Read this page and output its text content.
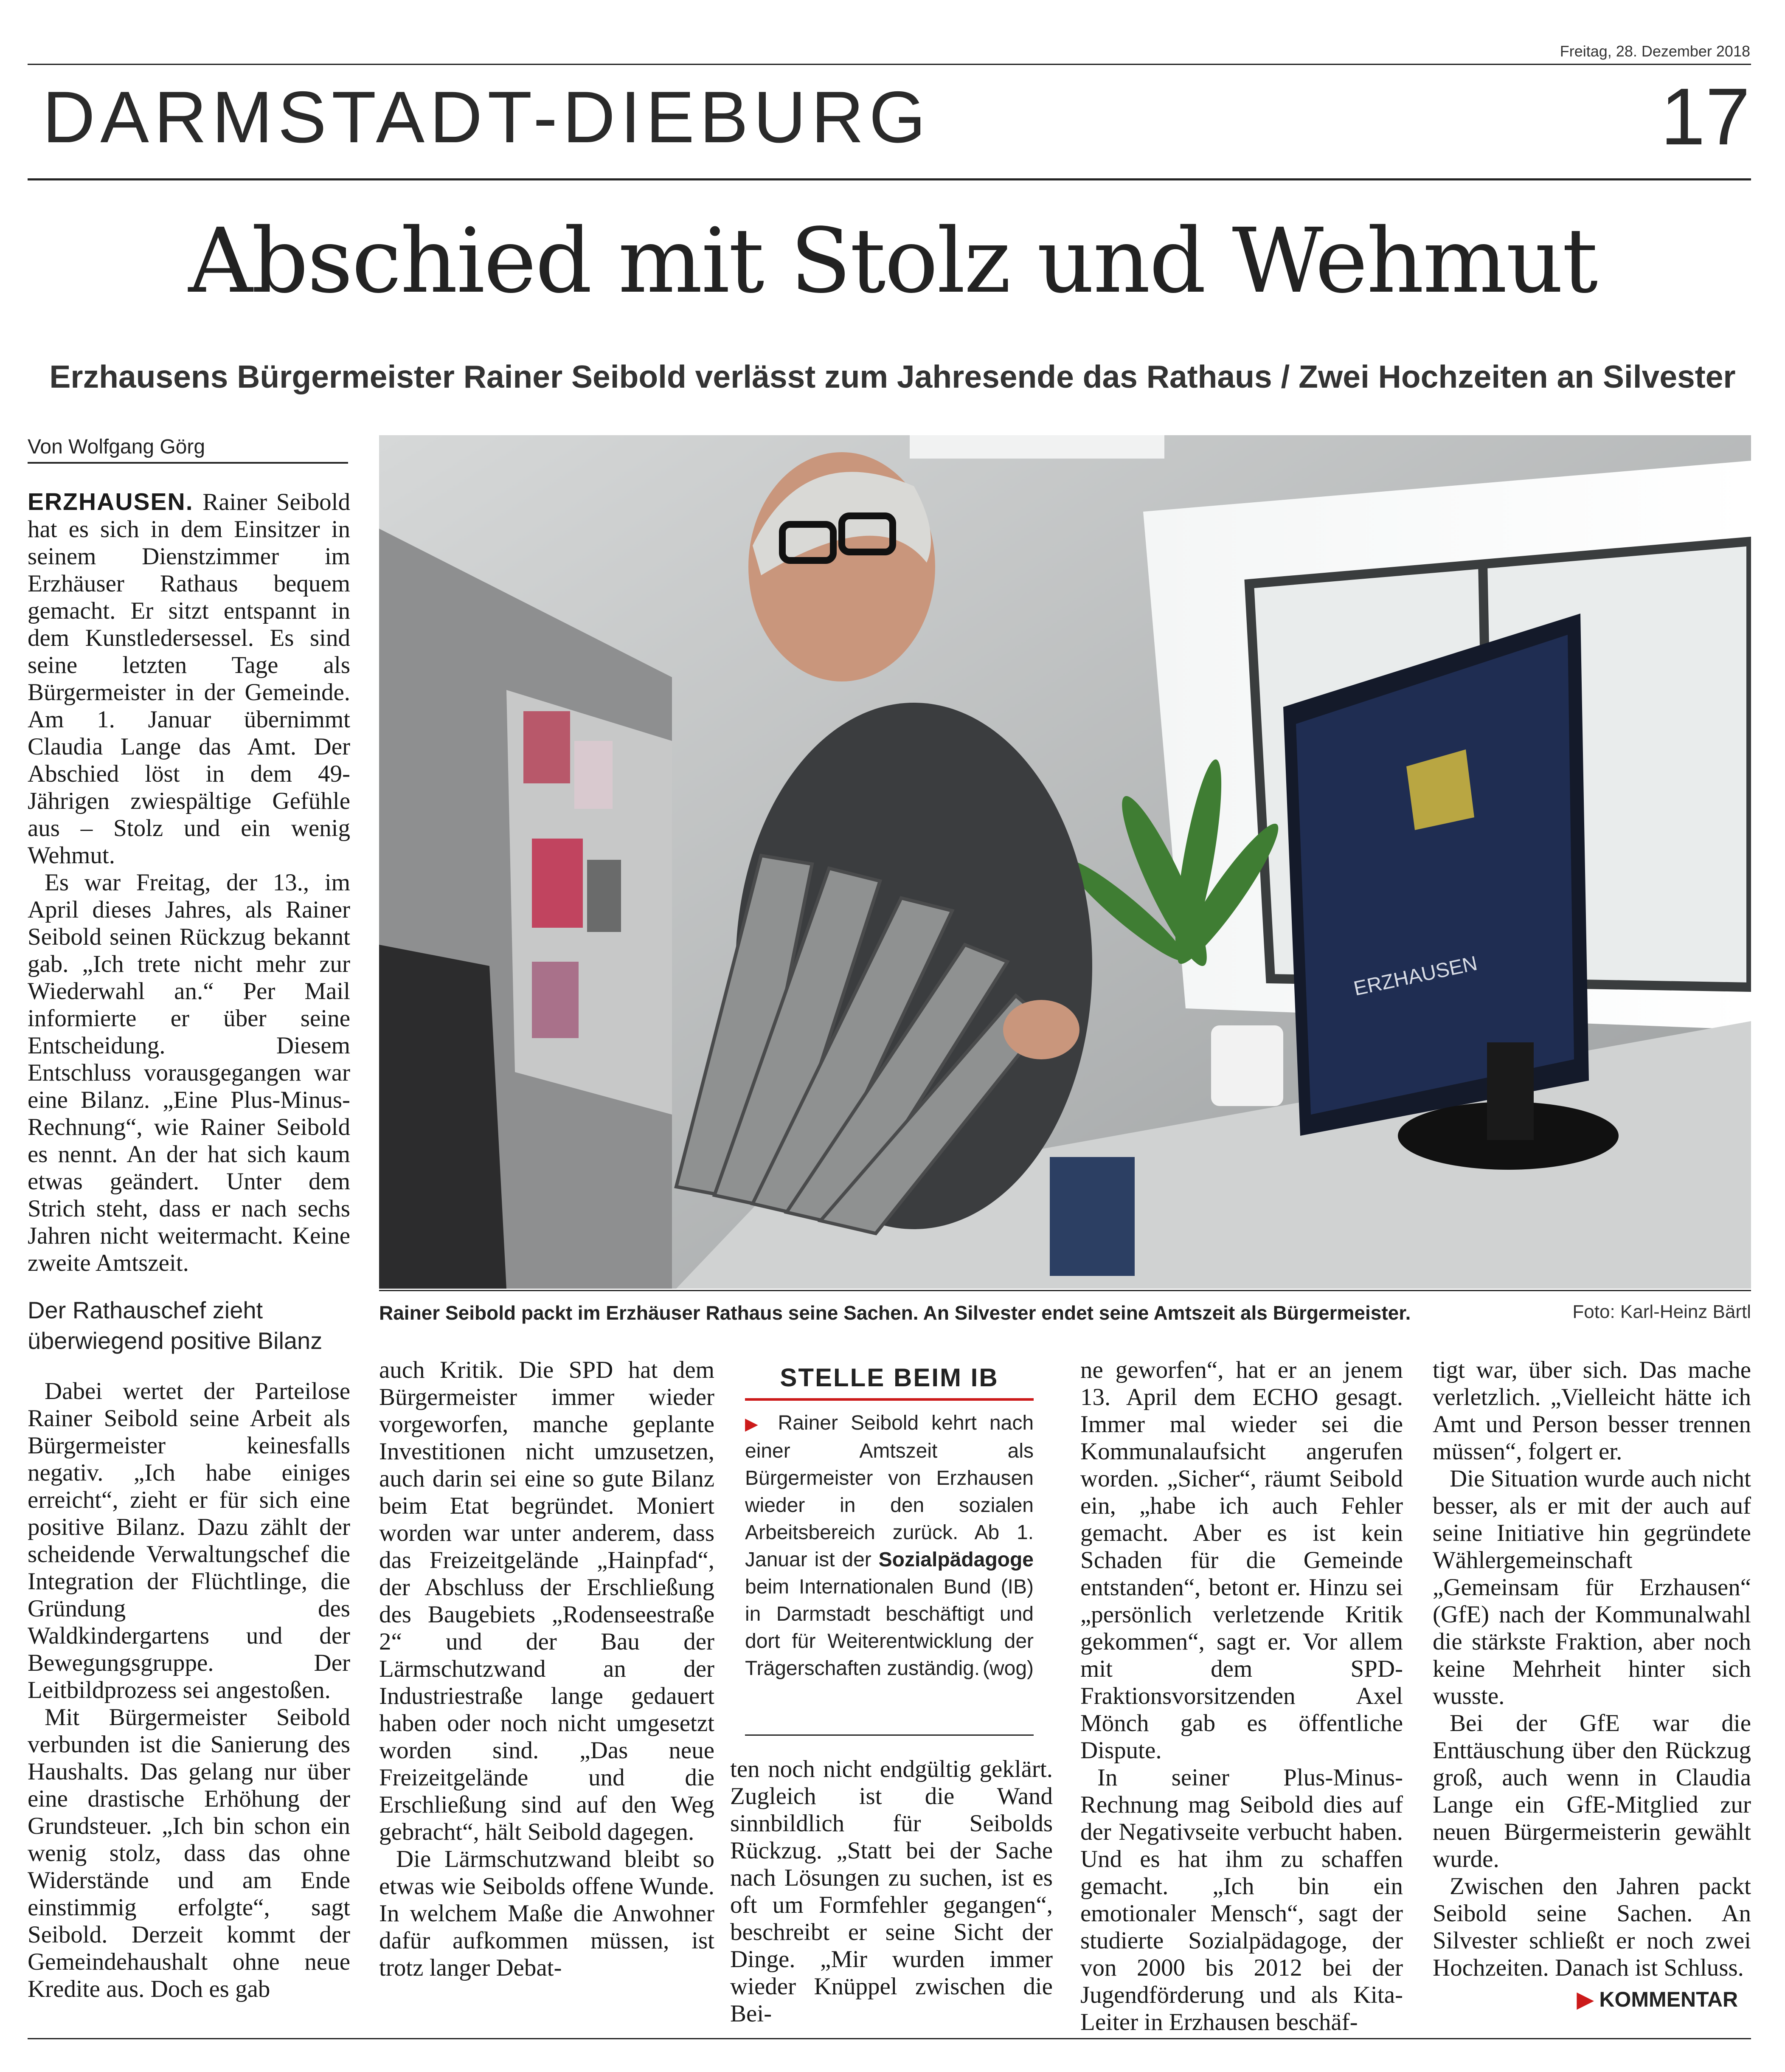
Freitag, 28. Dezember 2018
DARMSTADT-DIEBURG	17
Abschied mit Stolz und Wehmut
Erzhausens Bürgermeister Rainer Seibold verlässt zum Jahresende das Rathaus / Zwei Hochzeiten an Silvester
Von Wolfgang Görg

ERZHAUSEN. Rainer Seibold hat es sich in dem Einsitzer in seinem Dienstzimmer im Erzhäuser Rathaus bequem gemacht. Er sitzt entspannt in dem Kunstledersessel. Es sind seine letzten Tage als Bürgermeister in der Gemeinde. Am 1. Januar übernimmt Claudia Lange das Amt. Der Abschied löst in dem 49-Jährigen zwiespältige Gefühle aus – Stolz und ein wenig Wehmut.

Es war Freitag, der 13., im April dieses Jahres, als Rainer Seibold seinen Rückzug bekannt gab. „Ich trete nicht mehr zur Wiederwahl an.“ Per Mail informierte er über seine Entscheidung. Diesem Entschluss vorausgegangen war eine Bilanz. „Eine Plus-Minus-Rechnung“, wie Rainer Seibold es nennt. An der hat sich kaum etwas geändert. Unter dem Strich steht, dass er nach sechs Jahren nicht weitermacht. Keine zweite Amtszeit.

Der Rathauschef zieht überwiegend positive Bilanz

Dabei wertet der Parteilose Rainer Seibold seine Arbeit als Bürgermeister keinesfalls negativ. „Ich habe einiges erreicht“, zieht er für sich eine positive Bilanz. Dazu zählt der scheidende Verwaltungschef die Integration der Flüchtlinge, die Gründung des Waldkindergartens und der Bewegungsgruppe. Der Leitbildprozess sei angestoßen.

Mit Bürgermeister Seibold verbunden ist die Sanierung des Haushalts. Das gelang nur über eine drastische Erhöhung der Grundsteuer. „Ich bin schon ein wenig stolz, dass das ohne Widerstände und am Ende einstimmig erfolgte“, sagt Seibold. Derzeit kommt der Gemeindehaushalt ohne neue Kredite aus. Doch es gab

ERZHAUSEN
Rainer Seibold packt im Erzhäuser Rathaus seine Sachen. An Silvester endet seine Amtszeit als Bürgermeister.	Foto: Karl-Heinz Bärtl

auch Kritik. Die SPD hat dem Bürgermeister immer wieder vorgeworfen, manche geplante Investitionen nicht umzusetzen, auch darin sei eine so gute Bilanz beim Etat begründet. Moniert worden war unter anderem, dass das Freizeitgelände „Hainpfad“, der Abschluss der Erschließung des Baugebiets „Rodenseestraße 2“ und der Bau der Lärmschutzwand an der Industriestraße lange gedauert haben oder noch nicht umgesetzt worden sind. „Das neue Freizeitgelände und die Erschließung sind auf den Weg gebracht“, hält Seibold dagegen.

Die Lärmschutzwand bleibt so etwas wie Seibolds offene Wunde. In welchem Maße die Anwohner dafür aufkommen müssen, ist trotz langer Debat-

STELLE BEIM IB
▶ Rainer Seibold kehrt nach einer Amtszeit als Bürgermeister von Erzhausen wieder in den sozialen Arbeitsbereich zurück. Ab 1. Januar ist der Sozialpädagoge beim Internationalen Bund (IB) in Darmstadt beschäftigt und dort für Weiterentwicklung der Trägerschaften zuständig. (wog)

ten noch nicht endgültig geklärt. Zugleich ist die Wand sinnbildlich für Seibolds Rückzug. „Statt bei der Sache nach Lösungen zu suchen, ist es oft um Formfehler gegangen“, beschreibt er seine Sicht der Dinge. „Mir wurden immer wieder Knüppel zwischen die Bei-

ne geworfen“, hat er an jenem 13. April dem ECHO gesagt. Immer mal wieder sei die Kommunalaufsicht angerufen worden. „Sicher“, räumt Seibold ein, „habe ich auch Fehler gemacht. Aber es ist kein Schaden für die Gemeinde entstanden“, betont er. Hinzu sei „persönlich verletzende Kritik gekommen“, sagt er. Vor allem mit dem SPD-Fraktionsvorsitzenden Axel Mönch gab es öffentliche Dispute.

In seiner Plus-Minus-Rechnung mag Seibold dies auf der Negativseite verbucht haben. Und es hat ihm zu schaffen gemacht. „Ich bin ein emotionaler Mensch“, sagt der studierte Sozialpädagoge, der von 2000 bis 2012 bei der Jugendförderung und als Kita-Leiter in Erzhausen beschäf-

tigt war, über sich. Das mache verletzlich. „Vielleicht hätte ich Amt und Person besser trennen müssen“, folgert er.

Die Situation wurde auch nicht besser, als er mit der auch auf seine Initiative hin gegründete Wählergemeinschaft „Gemeinsam für Erzhausen“ (GfE) nach der Kommunalwahl die stärkste Fraktion, aber noch keine Mehrheit hinter sich wusste.

Bei der GfE war die Enttäuschung über den Rückzug groß, auch wenn in Claudia Lange ein GfE-Mitglied zur neuen Bürgermeisterin gewählt wurde.

Zwischen den Jahren packt Seibold seine Sachen. An Silvester schließt er noch zwei Hochzeiten. Danach ist Schluss.

▶ KOMMENTAR
